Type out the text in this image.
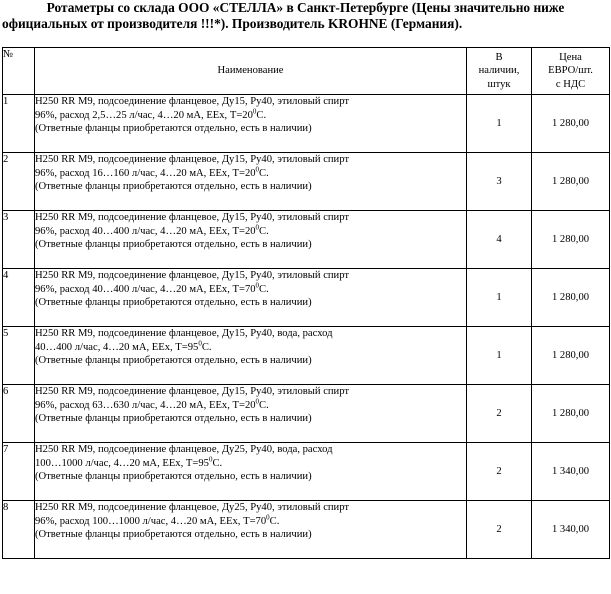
Ротаметры со склада ООО «СТЕЛЛА» в Санкт-Петербурге (Цены значительно ниже
официальных от производителя !!!*). Производитель KROHNE (Германия).
№	Наименование	В
наличии,
штук	Цена
ЕВРО/шт.
с НДС

1	Н250 RR M9, подсоединение фланцевое, Ду15, Ру40, этиловый спирт
96%, расход 2,5…25 л/час, 4…20 мА, ЕЕх, $Т=20^0С$.
(Ответные фланцы приобретаются отдельно, есть в наличии)	1	1 280,00
2	Н250 RR M9, подсоединение фланцевое, Ду15, Ру40, этиловый спирт
96%, расход 16…160 л/час, 4…20 мА, ЕЕх, $Т=20^0С$.
(Ответные фланцы приобретаются отдельно, есть в наличии)	3	1 280,00
3	Н250 RR M9, подсоединение фланцевое, Ду15, Ру40, этиловый спирт
96%, расход 40…400 л/час, 4…20 мА, ЕЕх, $Т=20^0С$.
(Ответные фланцы приобретаются отдельно, есть в наличии)	4	1 280,00
4	Н250 RR M9, подсоединение фланцевое, Ду15, Ру40, этиловый спирт
96%, расход 40…400 л/час, 4…20 мА, ЕЕх, $Т=70^0С$.
(Ответные фланцы приобретаются отдельно, есть в наличии)	1	1 280,00
5	Н250 RR M9, подсоединение фланцевое, Ду15, Ру40, вода, расход
40…400 л/час, 4…20 мА, ЕЕх, $Т=95^0С$.
(Ответные фланцы приобретаются отдельно, есть в наличии)	1	1 280,00
6	Н250 RR M9, подсоединение фланцевое, Ду15, Ру40, этиловый спирт
96%, расход 63…630 л/час, 4…20 мА, ЕЕх, $Т=20^0С$.
(Ответные фланцы приобретаются отдельно, есть в наличии)	2	1 280,00
7	Н250 RR M9, подсоединение фланцевое, Ду25, Ру40, вода, расход
100…1000 л/час, 4…20 мА, ЕЕх, $Т=95^0С$.
(Ответные фланцы приобретаются отдельно, есть в наличии)	2	1 340,00
8	Н250 RR M9, подсоединение фланцевое, Ду25, Ру40, этиловый спирт
96%, расход 100…1000 л/час, 4…20 мА, ЕЕх, $Т=70^0С$.
(Ответные фланцы приобретаются отдельно, есть в наличии)	2	1 340,00
